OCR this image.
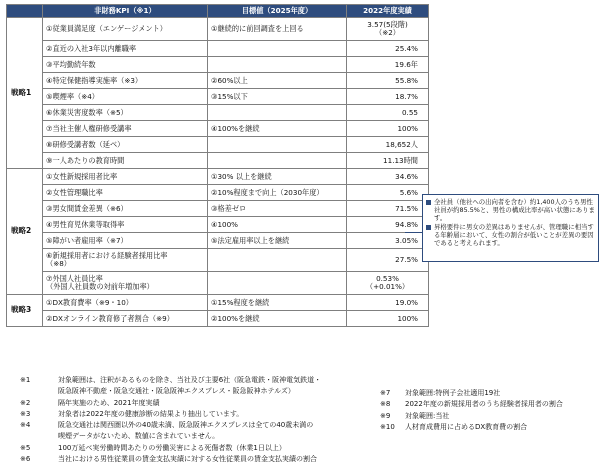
	非財務KPI（※1）	目標値（2025年度）	2022年度実績
戦略1	①従業員満足度（エンゲージメント）	①継続的に前回調査を上回る	3.57(5段階)
（※2）
	②直近の入社3年以内離職率		25.4%
	③平均勤続年数		19.6年
	④特定保健指導実施率（※3）	②60%以上	55.8%
	⑤喫煙率（※4）	③15%以下	18.7%
	⑥休業災害度数率（※5）		0.55
	⑦当社主催人権研修受講率	④100%を継続	100%
	⑧研修受講者数（延べ）		18,652人
	⑨一人あたりの教育時間		11.13時間
戦略2	①女性新規採用者比率	①30% 以上を継続	34.6%
	②女性管理職比率	②10%程度まで向上（2030年度）	5.6%
	③男女間賃金差異（※6）	③格差ゼロ	71.5%
	④男性育児休業等取得率	④100%	94.8%
	⑤障がい者雇用率（※7）	⑤法定雇用率以上を継続	3.05%
	⑥新規採用者における経験者採用比率
（※8）		27.5%
	⑦外国人社員比率
（外国人社員数の対前年増加率）		0.53%
（+0.01%）
戦略3	①DX教育費率（※9・10）	①15%程度を継続	19.0%
	②DXオンライン教育修了者割合（※9）	②100%を継続	100%
全社員（他社への出向者を含む）約1,400人のうち男性社員が約85.5%と、男性の構成比率が高い状態にあります。
昇格要件に男女の差異はありませんが、管理職に相当する年齢層において、女性の割合が低いことが差異の要因であると考えられます。
※1	対象範囲は、注釈があるものを除き、当社及び主要6社（阪急電鉄・阪神電気鉄道・
阪急阪神不動産・阪急交通社・阪急阪神エクスプレス・阪急阪神ホテルズ）
※2	隔年実施のため、2021年度実績
※3	対象者は2022年度の健康診断の結果より抽出しています。
※4	阪急交通社は関西圏以外の40歳未満、阪急阪神エクスプレスは全ての40歳未満の
喫煙データがないため、数値に含まれていません。
※5	100万延べ実労働時間あたりの労働災害による死傷者数（休業1日以上）
※6	当社における男性従業員の賃金支払実績に対する女性従業員の賃金支払実績の割合
※7	対象範囲:特例子会社適用19社
※8	2022年度の新規採用者のうち経験者採用者の割合
※9	対象範囲:当社
※10	人材育成費用に占めるDX教育費の割合
